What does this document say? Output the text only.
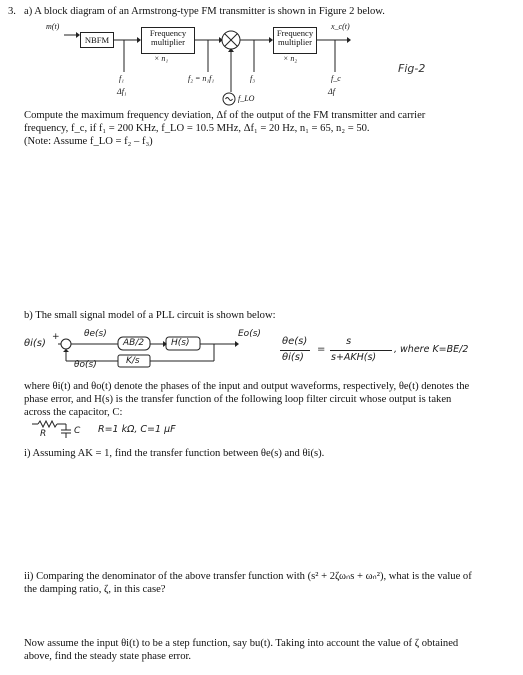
3. a) A block diagram of an Armstrong-type FM transmitter is shown in Figure 2 below.
m(t)
NBFM
Frequency
multiplier
× n₁
Frequency
multiplier
× n₂
x_c(t)
f₁
Δf₁
f₂ = n₁f₁	f₃	f_c
Δf
f_LO
Fig-2
Compute the maximum frequency deviation, Δf of the output of the FM transmitter and carrier
frequency, f_c, if f₁ = 200 KHz, f_LO = 10.5 MHz, Δf₁ = 20 Hz, n₁ = 65, n₂ = 50.
(Note: Assume f_LO = f₂ – f₃)
b) The small signal model of a PLL circuit is shown below:
θi(s)
+	θe(s)
AB/2	H(s)
Eo(s)
θo(s)	K/s
θe(s)
θi(s)
=
s
s+AKH(s)
, where K=BE/2
where θi(t) and θo(t) denote the phases of the input and output waveforms, respectively, θe(t) denotes the
phase error, and H(s) is the transfer function of the following loop filter circuit whose output is taken
across the capacitor, C:
R	C R=1 kΩ, C=1 μF
i) Assuming AK = 1, find the transfer function between θe(s) and θi(s).
ii) Comparing the denominator of the above transfer function with (s² + 2ζωₙs + ωₙ²), what is the value of
the damping ratio, ζ, in this case?
Now assume the input θi(t) to be a step function, say bu(t). Taking into account the value of ζ obtained
above, find the steady state phase error.
